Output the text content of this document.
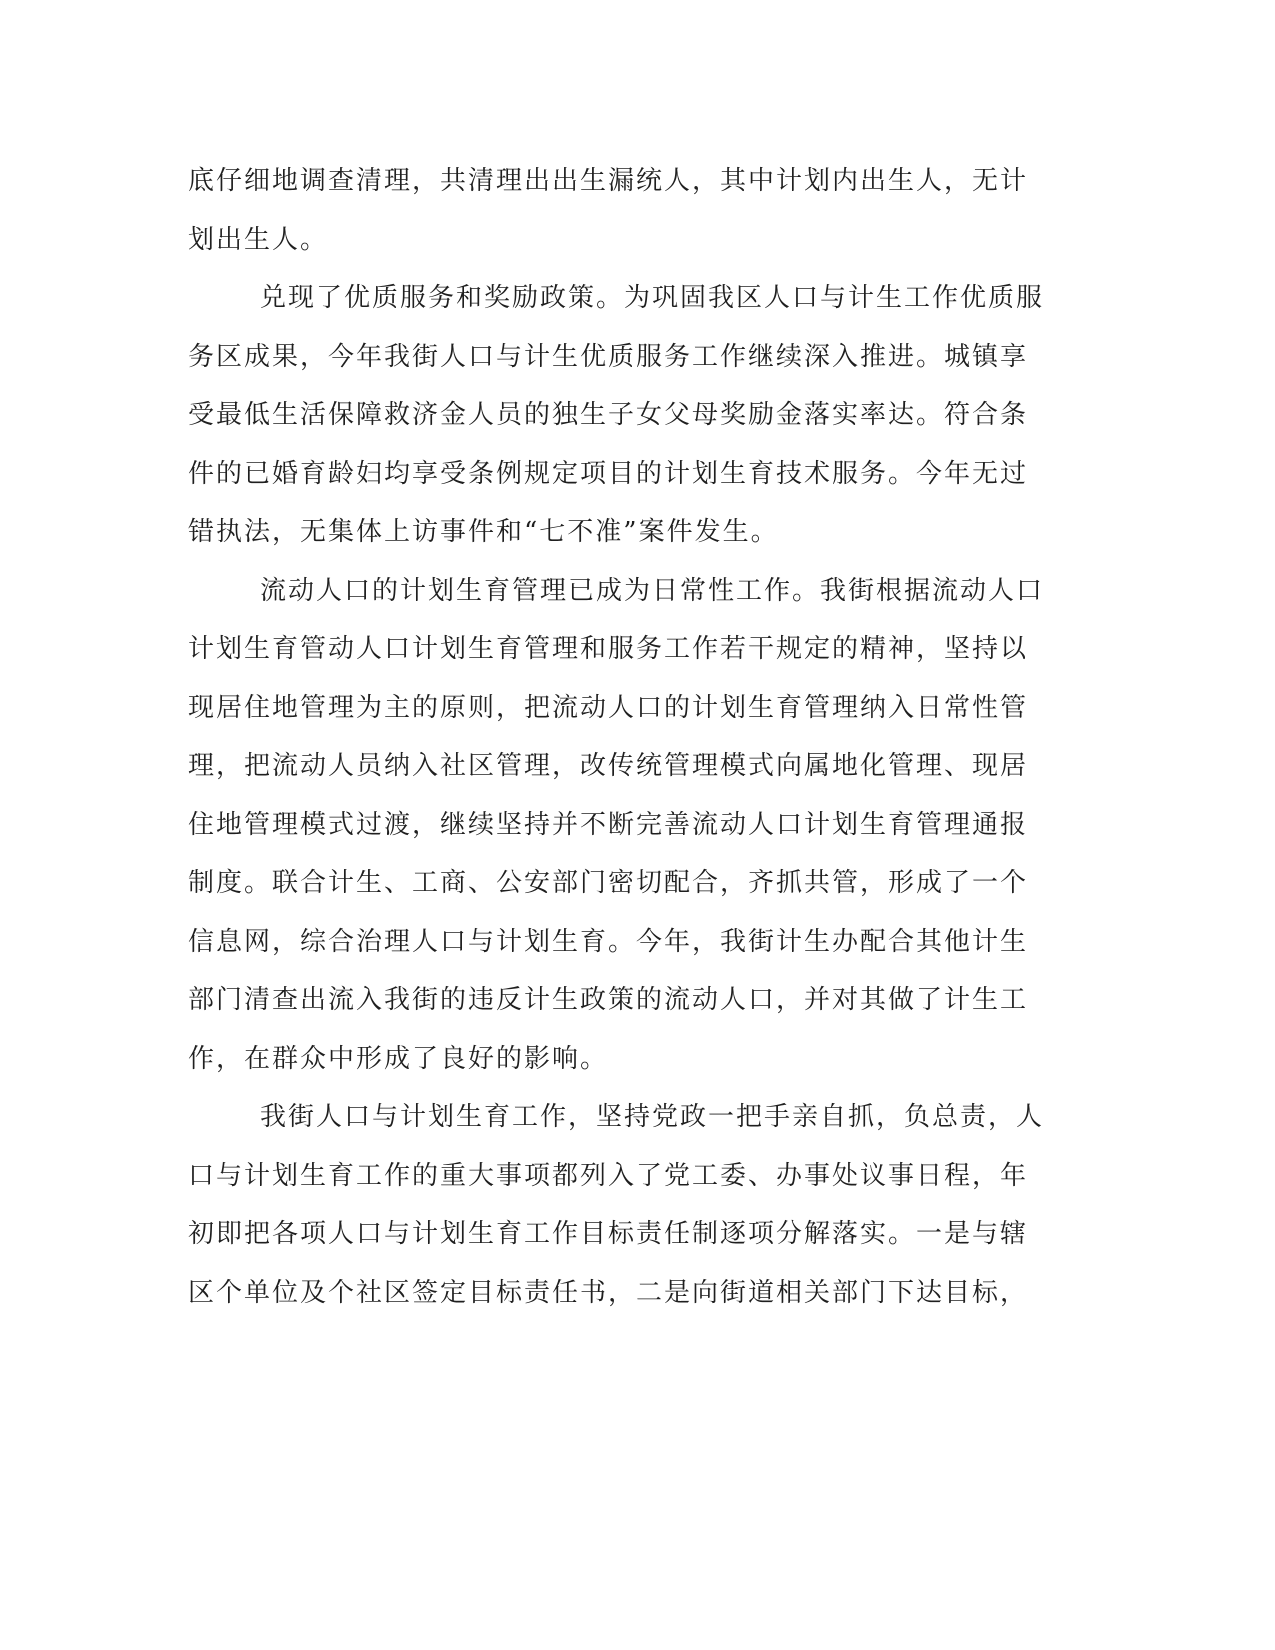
底仔细地调查清理，共清理出出生漏统人，其中计划内出生人，无计
划出生人。
兑现了优质服务和奖励政策。为巩固我区人口与计生工作优质服
务区成果，今年我街人口与计生优质服务工作继续深入推进。城镇享
受最低生活保障救济金人员的独生子女父母奖励金落实率达。符合条
件的已婚育龄妇均享受条例规定项目的计划生育技术服务。今年无过
错执法，无集体上访事件和“七不准”案件发生。
流动人口的计划生育管理已成为日常性工作。我街根据流动人口
计划生育管动人口计划生育管理和服务工作若干规定的精神，坚持以
现居住地管理为主的原则，把流动人口的计划生育管理纳入日常性管
理，把流动人员纳入社区管理，改传统管理模式向属地化管理、现居
住地管理模式过渡，继续坚持并不断完善流动人口计划生育管理通报
制度。联合计生、工商、公安部门密切配合，齐抓共管，形成了一个
信息网，综合治理人口与计划生育。今年，我街计生办配合其他计生
部门清查出流入我街的违反计生政策的流动人口，并对其做了计生工
作，在群众中形成了良好的影响。
我街人口与计划生育工作，坚持党政一把手亲自抓，负总责，人
口与计划生育工作的重大事项都列入了党工委、办事处议事日程，年
初即把各项人口与计划生育工作目标责任制逐项分解落实。一是与辖
区个单位及个社区签定目标责任书，二是向街道相关部门下达目标，
